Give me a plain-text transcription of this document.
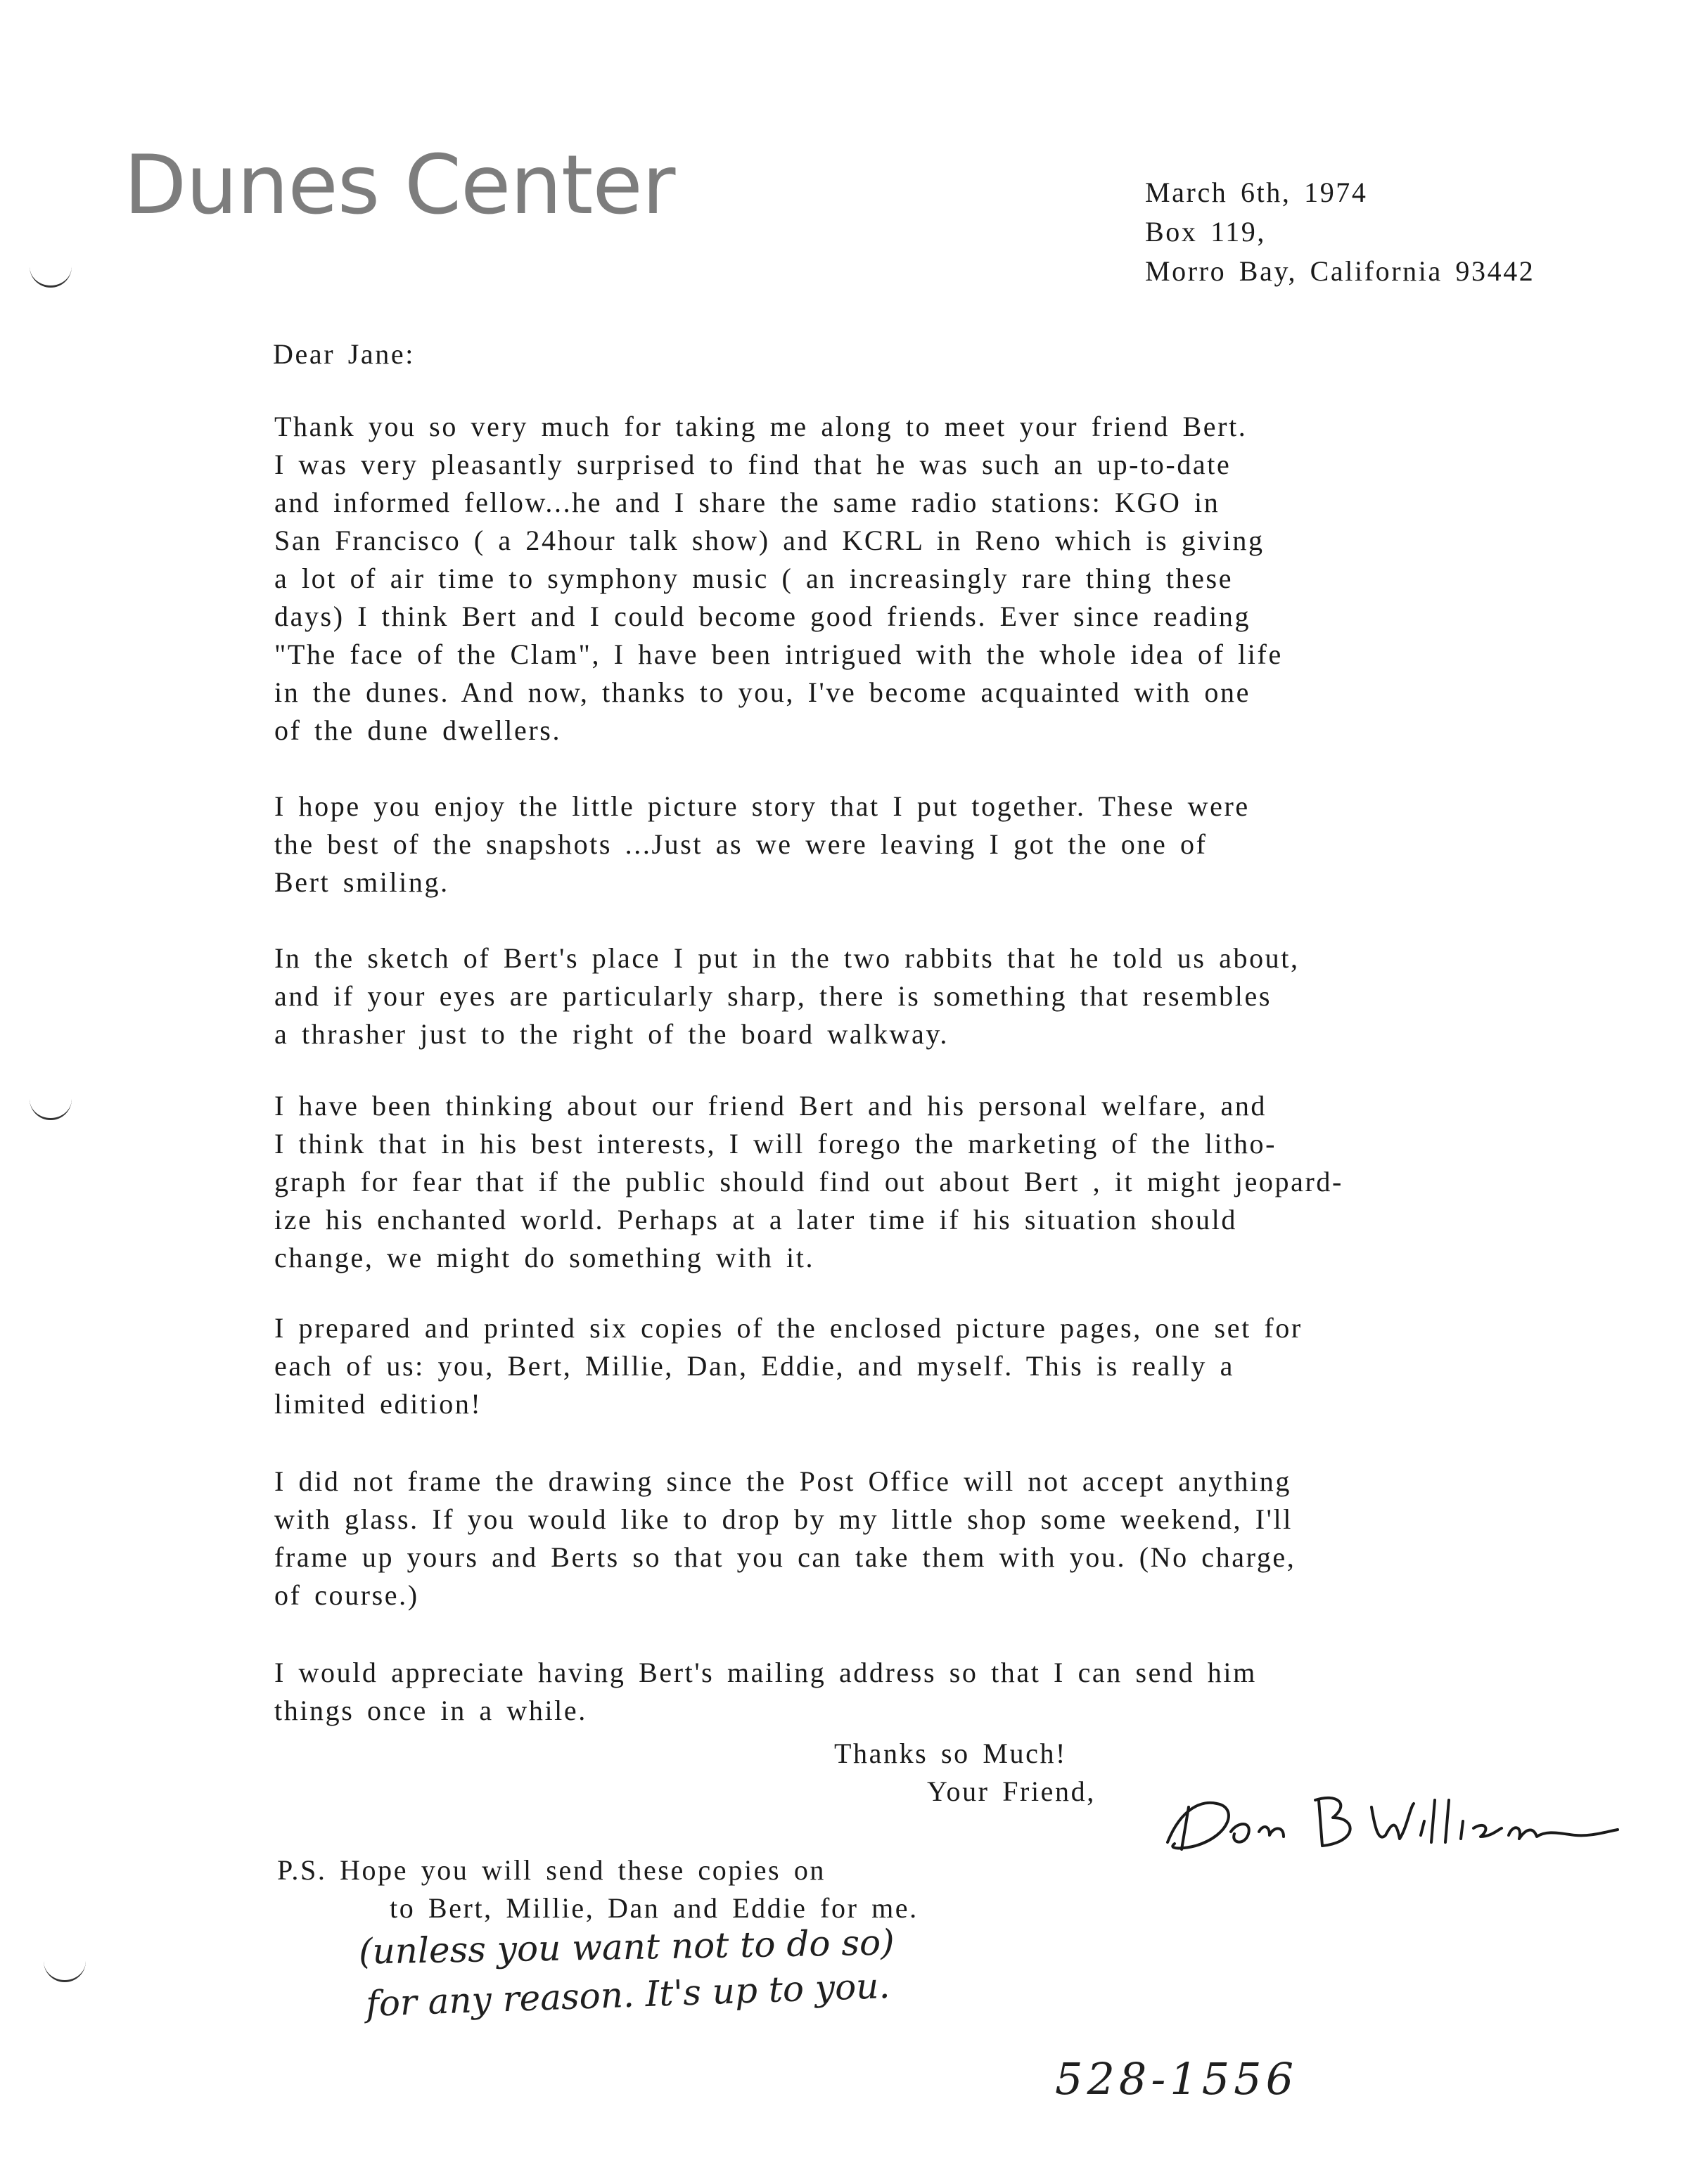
Dunes Center	March 6th, 1974
Box 119,
Morro Bay, California 93442
Dear Jane:
Thank you so very much for taking me along to meet your friend Bert.
I was very pleasantly surprised to find that he was such an up-to-date
and informed fellow...he and I share the same radio stations: KGO in
San Francisco ( a 24hour talk show) and KCRL in Reno which is giving
a lot of air time to symphony music ( an increasingly rare thing these
days) I think Bert and I could become good friends. Ever since reading
"The face of the Clam", I have been intrigued with the whole idea of life
in the dunes. And now, thanks to you, I've become acquainted with one
of the dune dwellers.
I hope you enjoy the little picture story that I put together. These were
the best of the snapshots ...Just as we were leaving I got the one of
Bert smiling.
In the sketch of Bert's place I put in the two rabbits that he told us about,
and if your eyes are particularly sharp, there is something that resembles
a thrasher just to the right of the board walkway.
I have been thinking about our friend Bert and his personal welfare, and
I think that in his best interests, I will forego the marketing of the litho-
graph for fear that if the public should find out about Bert , it might jeopard-
ize his enchanted world. Perhaps at a later time if his situation should
change, we might do something with it.
I prepared and printed six copies of the enclosed picture pages, one set for
each of us: you, Bert, Millie, Dan, Eddie, and myself. This is really a
limited edition!
I did not frame the drawing since the Post Office will not accept anything
with glass. If you would like to drop by my little shop some weekend, I'll
frame up yours and Berts so that you can take them with you. (No charge,
of course.)
I would appreciate having Bert's mailing address so that I can send him
things once in a while.
Thanks so Much!
Your Friend,
P.S. Hope you will send these copies on
to Bert, Millie, Dan and Eddie for me.
(unless you want not to do so)
for any reason. It's up to you.
528-1556
